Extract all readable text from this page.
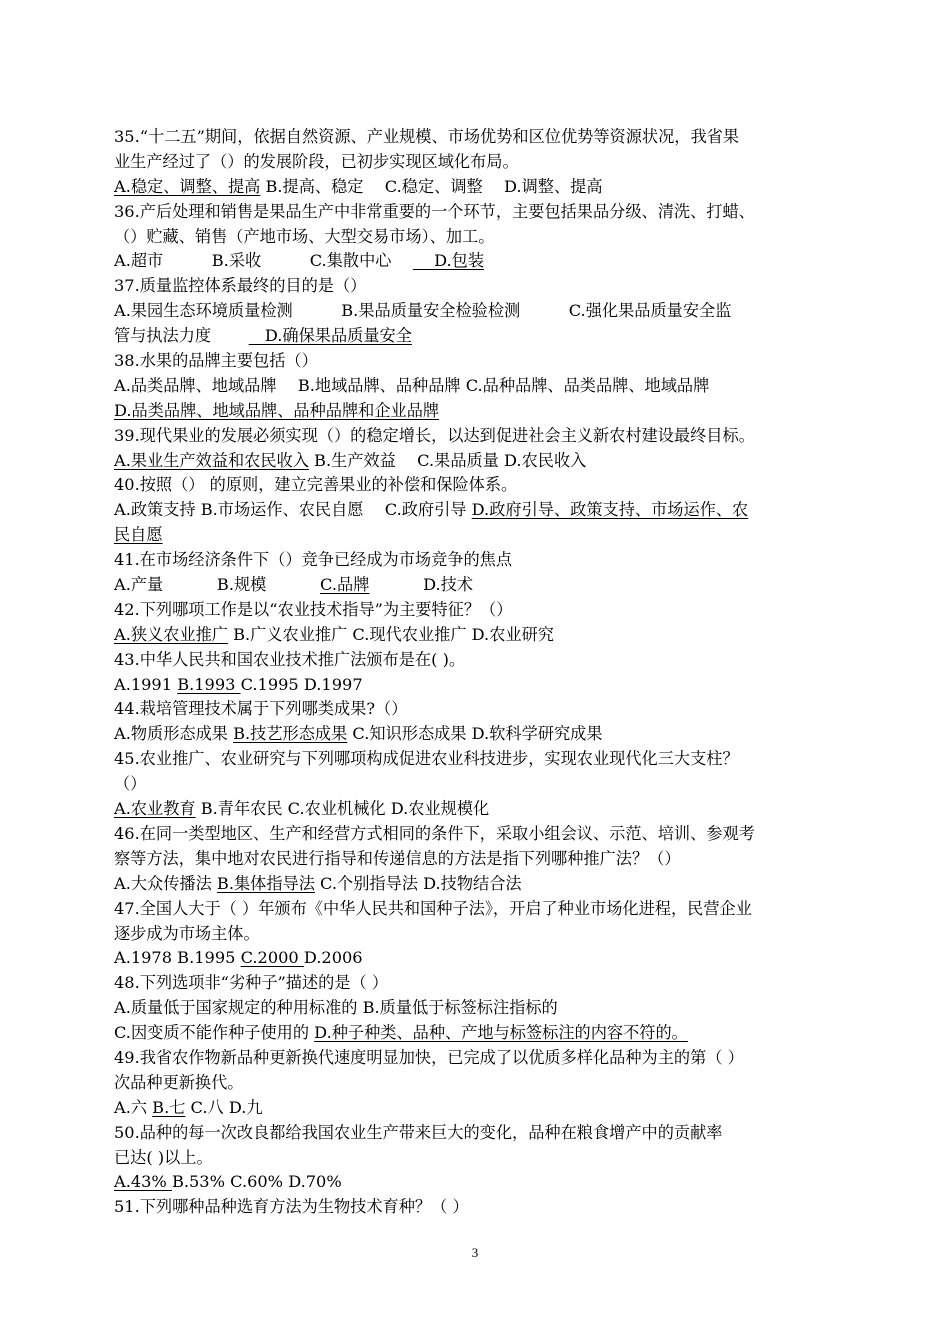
35.“十二五”期间，依据自然资源、产业规模、市场优势和区位优势等资源状况，我省果
业生产经过了（）的发展阶段，已初步实现区域化布局。
A.稳定、调整、提高 B.提高、稳定　 C.稳定、调整　 D.调整、提高
36.产后处理和销售是果品生产中非常重要的一个环节，主要包括果品分级、清洗、打蜡、
（）贮藏、销售（产地市场、大型交易市场）、加工。
A.超市　　　B.采收　　　C.集散中心　 　 D.包装
37.质量监控体系最终的目的是（）
A.果园生态环境质量检测　　　B.果品质量安全检验检测　　　C.强化果品质量安全监
管与执法力度　　 　D.确保果品质量安全
38.水果的品牌主要包括（）
A.品类品牌、地域品牌　 B.地域品牌、品种品牌 C.品种品牌、品类品牌、地域品牌
D.品类品牌、地域品牌、品种品牌和企业品牌
39.现代果业的发展必须实现（）的稳定增长，以达到促进社会主义新农村建设最终目标。
A.果业生产效益和农民收入 B.生产效益　 C.果品质量 D.农民收入
40.按照（） 的原则，建立完善果业的补偿和保险体系。
A.政策支持 B.市场运作、农民自愿　 C.政府引导 D.政府引导、政策支持、市场运作、农
民自愿
41.在市场经济条件下（）竞争已经成为市场竞争的焦点
A.产量　　　 B.规模　　　 C.品牌　　　 D.技术
42.下列哪项工作是以“农业技术指导”为主要特征？（）
A.狭义农业推广 B.广义农业推广 C.现代农业推广 D.农业研究
43.中华人民共和国农业技术推广法颁布是在( )。
A.1991 B.1993 C.1995 D.1997
44.栽培管理技术属于下列哪类成果?（）
A.物质形态成果 B.技艺形态成果 C.知识形态成果 D.软科学研究成果
45.农业推广、农业研究与下列哪项构成促进农业科技进步，实现农业现代化三大支柱？
（）
A.农业教育 B.青年农民 C.农业机械化 D.农业规模化
46.在同一类型地区、生产和经营方式相同的条件下，采取小组会议、示范、培训、参观考
察等方法，集中地对农民进行指导和传递信息的方法是指下列哪种推广法？（）
A.大众传播法 B.集体指导法 C.个别指导法 D.技物结合法
47.全国人大于（ ）年颁布《中华人民共和国种子法》，开启了种业市场化进程，民营企业
逐步成为市场主体。
A.1978 B.1995 C.2000 D.2006
48.下列选项非“劣种子”描述的是（ ）
A.质量低于国家规定的种用标准的 B.质量低于标签标注指标的
C.因变质不能作种子使用的 D.种子种类、品种、产地与标签标注的内容不符的。
49.我省农作物新品种更新换代速度明显加快，已完成了以优质多样化品种为主的第（ ）
次品种更新换代。
A.六 B.七 C.八 D.九
50.品种的每一次改良都给我国农业生产带来巨大的变化，品种在粮食增产中的贡献率
已达( )以上。
A.43% B.53% C.60% D.70%
51.下列哪种品种选育方法为生物技术育种？（ ）
3
